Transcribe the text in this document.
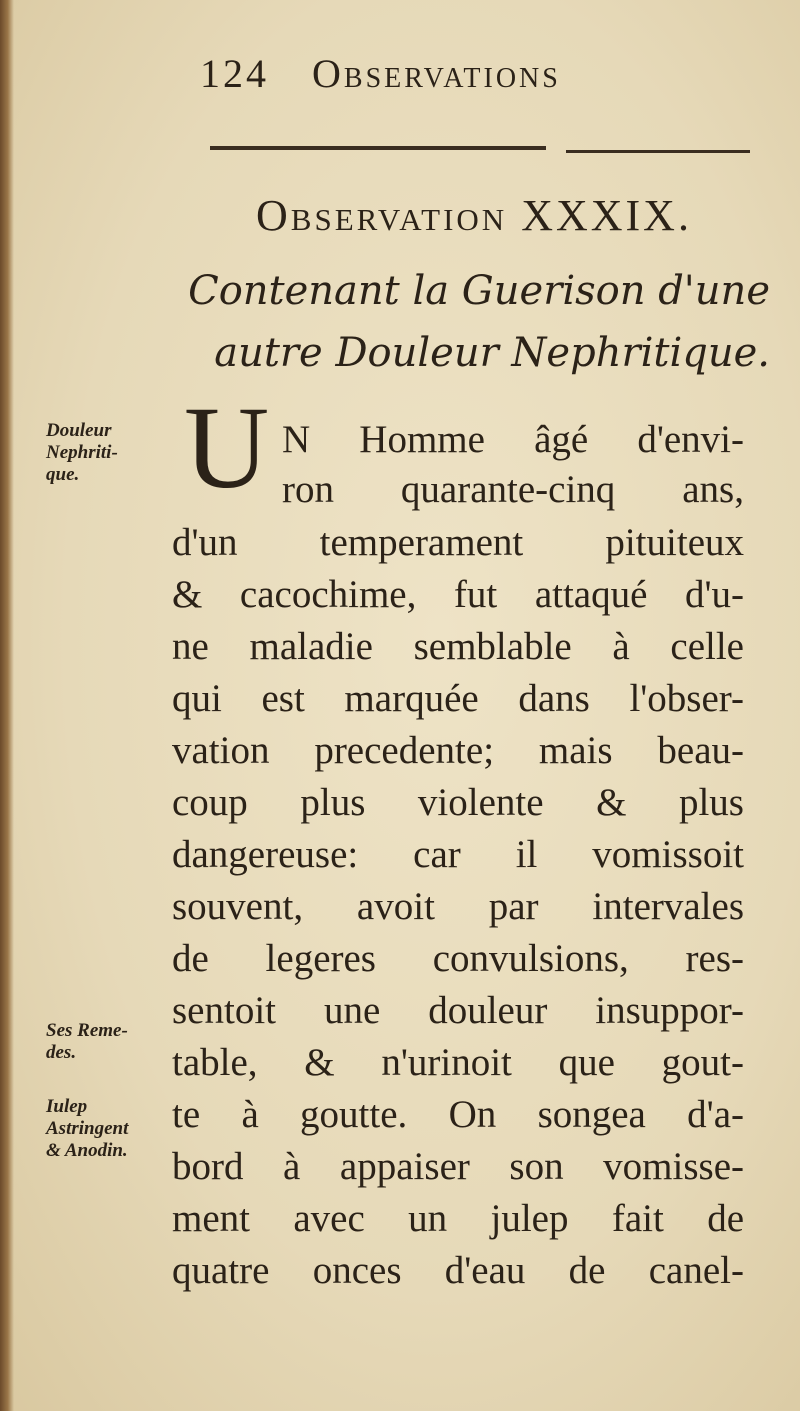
124 Observations
Observation XXXIX.
Contenant la Guerison d'une
autre Douleur Nephritique.
Douleur
Nephriti-
que.
Ses Reme-
des.
Iulep
Astringent
& Anodin.
U N Homme âgé d'envi-
ron quarante-cinq ans,
d'un temperament pituiteux
& cacochime, fut attaqué d'u-
ne maladie semblable à celle
qui est marquée dans l'obser-
vation precedente; mais beau-
coup plus violente & plus
dangereuse: car il vomissoit
souvent, avoit par intervales
de legeres convulsions, res-
sentoit une douleur insuppor-
table, & n'urinoit que gout-
te à goutte. On songea d'a-
bord à appaiser son vomisse-
ment avec un julep fait de
quatre onces d'eau de canel-
